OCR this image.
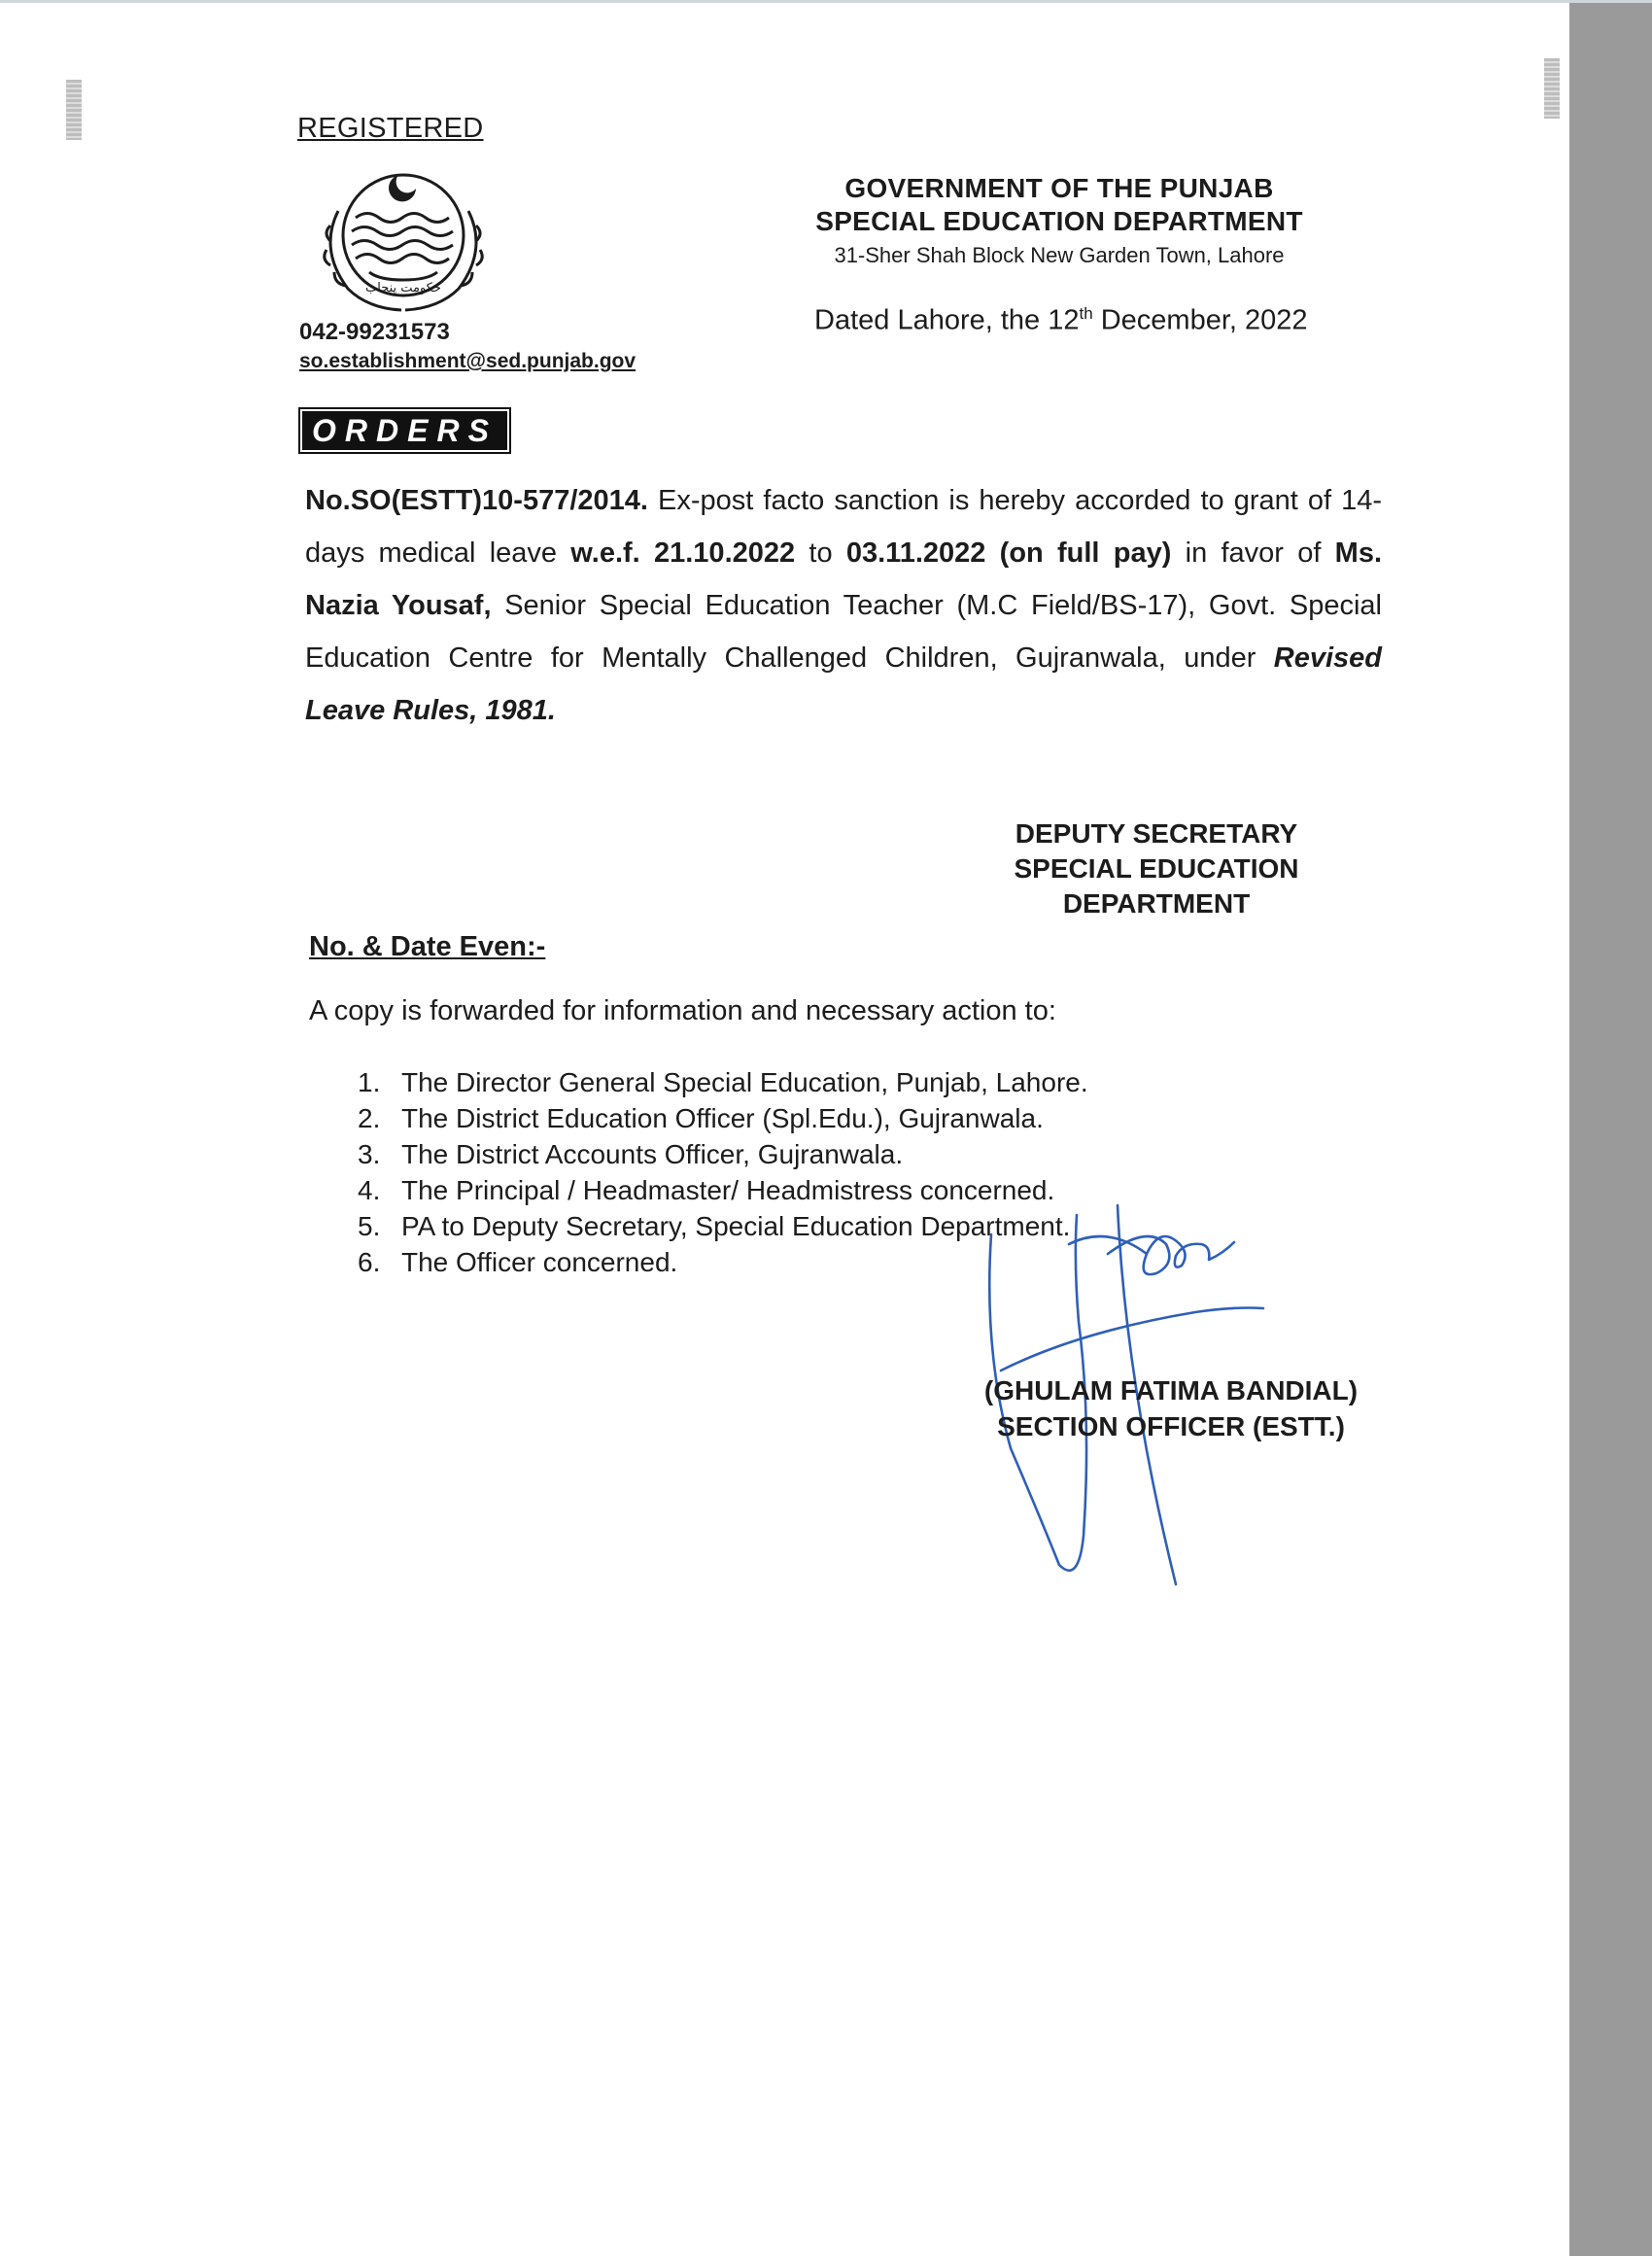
REGISTERED
حکومت پنجاب
042-99231573
so.establishment@sed.punjab.gov
GOVERNMENT OF THE PUNJAB
SPECIAL EDUCATION DEPARTMENT
31-Sher Shah Block New Garden Town, Lahore
Dated Lahore, the 12th December, 2022
ORDERS
No.SO(ESTT)10-577/2014. Ex-post facto sanction is hereby accorded to grant of 14-days medical leave w.e.f. 21.10.2022 to 03.11.2022 (on full pay) in favor of Ms. Nazia Yousaf, Senior Special Education Teacher (M.C Field/BS-17), Govt. Special Education Centre for Mentally Challenged Children, Gujranwala, under Revised Leave Rules, 1981.
DEPUTY SECRETARY
SPECIAL EDUCATION
DEPARTMENT
No. & Date Even:-
A copy is forwarded for information and necessary action to:
1. The Director General Special Education, Punjab, Lahore.
2. The District Education Officer (Spl.Edu.), Gujranwala.
3. The District Accounts Officer, Gujranwala.
4. The Principal / Headmaster/ Headmistress concerned.
5. PA to Deputy Secretary, Special Education Department.
6. The Officer concerned.
(GHULAM FATIMA BANDIAL)
SECTION OFFICER (ESTT.)
